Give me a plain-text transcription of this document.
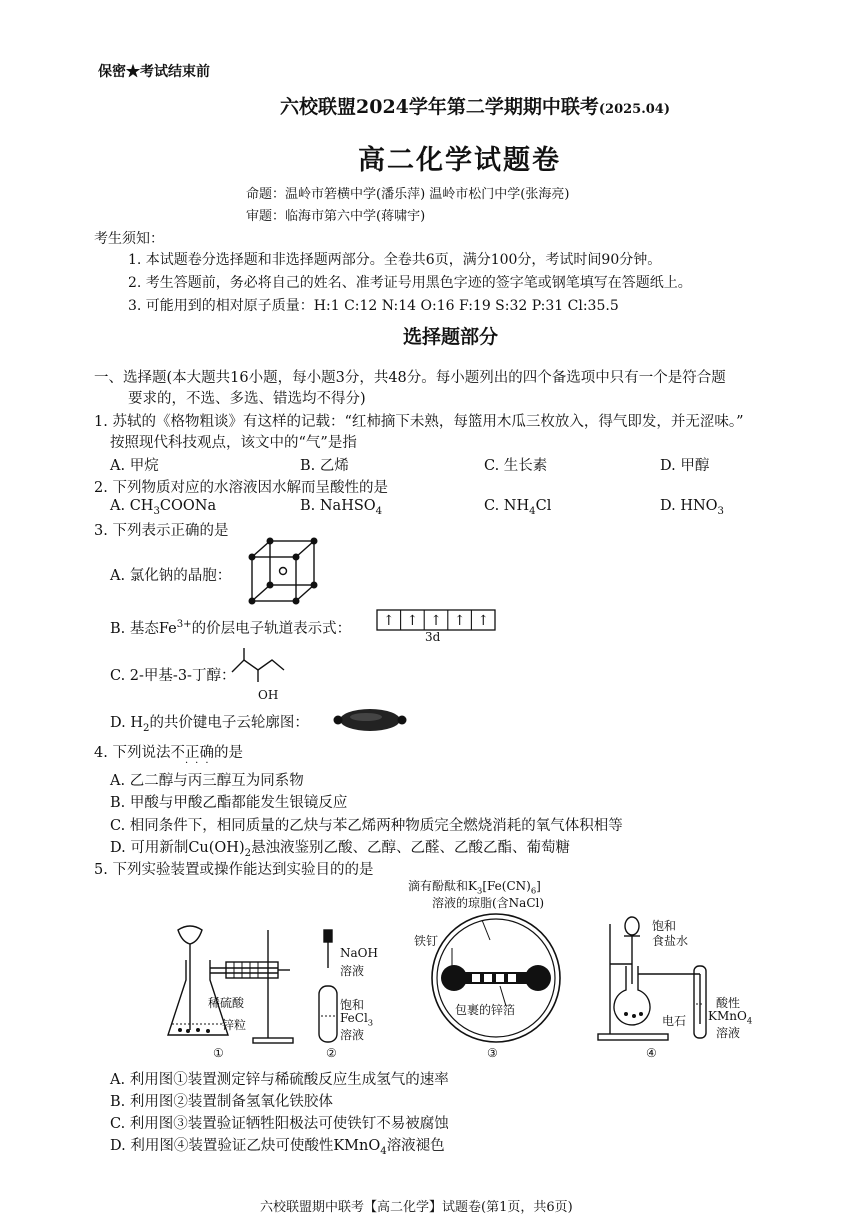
保密★考试结束前
六校联盟2024学年第二学期期中联考(2025.04)
高二化学试题卷
命题：温岭市箬横中学(潘乐萍) 温岭市松门中学(张海亮)
审题：临海市第六中学(蒋啸宇)
考生须知：
1. 本试题卷分选择题和非选择题两部分。全卷共6页，满分100分，考试时间90分钟。
2. 考生答题前，务必将自己的姓名、准考证号用黑色字迹的签字笔或钢笔填写在答题纸上。
3. 可能用到的相对原子质量：H:1 C:12 N:14 O:16 F:19 S:32 P:31 Cl:35.5
选择题部分
一、选择题(本大题共16小题，每小题3分，共48分。每小题列出的四个备选项中只有一个是符合题
要求的，不选、多选、错选均不得分)
1. 苏轼的《格物粗谈》有这样的记载：“红柿摘下未熟，每篮用木瓜三枚放入，得气即发，并无涩味。”
按照现代科技观点，该文中的“气”是指
A. 甲烷	B. 乙烯	C. 生长素	D. 甲醇
2. 下列物质对应的水溶液因水解而呈酸性的是
A. $CH_3COONa$	B. NaHSO$_4$	C. $NH_4Cl$	D. $HNO_3$
3. 下列表示正确的是
A. 氯化钠的晶胞：
B. 基态$Fe^{3+}$的价层电子轨道表示式： ↑ ↑ ↑ ↑ ↑
3d
C. 2-甲基-3-丁醇：
OH
D. $H_2$的共价键电子云轮廓图：
4. 下列说法不正确的是
···
A. 乙二醇与丙三醇互为同系物
B. 甲酸与甲酸乙酯都能发生银镜反应
C. 相同条件下，相同质量的乙炔与苯乙烯两种物质完全燃烧消耗的氧气体积相等
D. 可用新制$Cu(OH)_2$悬浊液鉴别乙酸、乙醇、乙醛、乙酸乙酯、葡萄糖
5. 下列实验装置或操作能达到实验目的的是
稀硫酸
锌粒
①
NaOH
溶液
饱和
FeCl$_3$
溶液
②
滴有酚酞和$K_3[Fe(CN)_6]$
溶液的琼脂(含NaCl)
铁钉
包裹的锌箔
③
饱和
食盐水
电石
酸性
KMnO$_4$
溶液
④
A. 利用图①装置测定锌与稀硫酸反应生成氢气的速率
B. 利用图②装置制备氢氧化铁胶体
C. 利用图③装置验证牺牲阳极法可使铁钉不易被腐蚀
D. 利用图④装置验证乙炔可使酸性KMnO$_4$溶液褪色
六校联盟期中联考【高二化学】试题卷(第1页，共6页)
